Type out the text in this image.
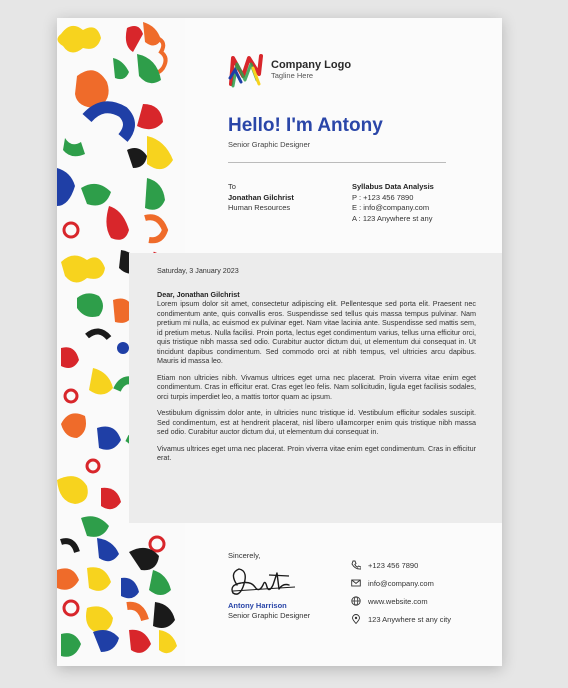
Company Logo
Tagline Here
Hello! I'm Antony
Senior Graphic Designer
To
Jonathan Gilchrist
Human Resources
Syllabus Data Analysis
P : +123 456 7890
E : info@company.com
A : 123 Anywhere st any
Saturday, 3 January 2023
Dear, Jonathan Gilchrist

Lorem ipsum dolor sit amet, consectetur adipiscing elit. Pellentesque sed porta elit. Praesent nec condimentum ante, quis convallis eros. Suspendisse sed tellus quis massa tempus pulvinar. Nam pretium mi nulla, ac euismod ex pulvinar eget. Nam vitae lacinia ante. Suspendisse sed mattis sem, id pretium metus. Nulla facilisi. Proin porta, lectus eget condimentum varius, tellus urna efficitur orci, quis tristique nibh massa sed odio. Curabitur auctor dictum dui, ut elementum dui consequat in. Ut tincidunt dapibus condimentum. Sed commodo orci at nibh tempus, vel ultricies arcu dapibus. Mauris id massa leo.

Etiam non ultricies nibh. Vivamus ultrices eget urna nec placerat. Proin viverra vitae enim eget condimentum. Cras in efficitur erat. Cras eget leo felis. Nam sollicitudin, ligula eget facilisis sodales, orci turpis imperdiet leo, a mattis tortor quam ac ipsum.

Vestibulum dignissim dolor ante, in ultricies nunc tristique id. Vestibulum efficitur sodales suscipit. Sed condimentum, est at hendrerit placerat, nisl libero ullamcorper enim quis tristique nibh massa sed odio. Curabitur auctor dictum dui, ut elementum dui consequat in.

Vivamus ultrices eget urna nec placerat. Proin viverra vitae enim eget condimentum. Cras in efficitur erat.

Sincerely,
Antony Harrison
Senior Graphic Designer
+123 456 7890
info@company.com
www.website.com
123 Anywhere st any city
